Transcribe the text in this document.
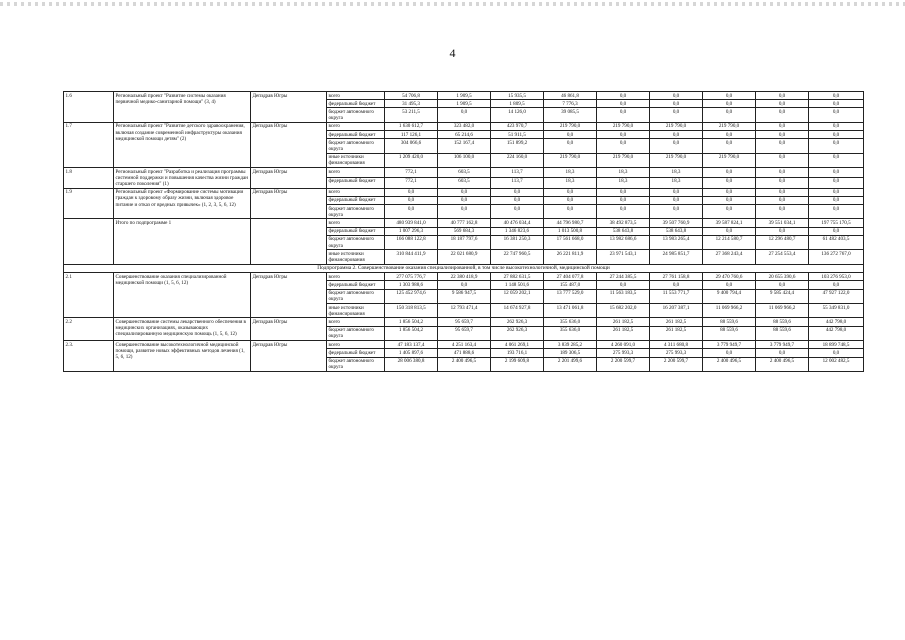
4
1.6	Региональный проект "Развитие системы оказания первичной медико-санитарной помощи" (3, 4)	Депздрав Югры	всего	54 706,8	1 909,5	15 935,5	46 861,8	0,0	0,0	0,0	0,0	0,0
			федеральный бюджет	31 495,3	1 909,5	1 809,5	7 776,3	0,0	0,0	0,0	0,0	0,0
			бюджет автономного округа	53 211,5	0,0	14 126,0	39 085,5	0,0	0,0	0,0	0,0	0,0
1.7	Региональный проект "Развитие детского здравоохранения, включая создание современной инфраструктуры оказания медицинской помощи детям" (2)	Депздрав Югры	всего	1 630 612,7	323 482,0	423 970,7	219 790,0	219 790,0	219 790,0	219 790,0	0,0	0,0
			федеральный бюджет	117 126,1	65 214,6	51 911,5	0,0	0,0	0,0	0,0	0,0	0,0
			бюджет автономного округа	304 066,6	152 167,4	151 899,2	0,0	0,0	0,0	0,0	0,0	0,0
			иные источники финансирования	1 209 420,0	106 100,0	224 160,0	219 790,0	219 790,0	219 790,0	219 790,0	0,0	0,0
1.8	Региональный проект "Разработка и реализация программы системной поддержки и повышения качества жизни граждан старшего поколения" (1)	Депздрав Югры	всего	772,1	603,5	113,7	18,3	18,3	18,3	0,0	0,0	0,0
			федеральный бюджет	772,1	603,5	113,7	18,3	18,3	18,3	0,0	0,0	0,0
1.9	Региональный проект «Формирование системы мотивации граждан к здоровому образу жизни, включая здоровое питание и отказ от вредных привычек» (1, 2, 3, 5, 6, 12)	Депздрав Югры	всего	0,0	0,0	0,0	0,0	0,0	0,0	0,0	0,0	0,0
			федеральный бюджет	0,0	0,0	0,0	0,0	0,0	0,0	0,0	0,0	0,0
			бюджет автономного округа	0,0	0,0	0,0	0,0	0,0	0,0	0,0	0,0	0,0
	Итого по подпрограмме 1		всего	480 939 841,0	40 777 162,8	40 476 034,4	44 796 980,7	38 492 873,5	39 507 760,9	39 587 824,1	39 551 034,1	197 755 170,5
			федеральный бюджет	1 007 296,3	569 684,3	1 346 823,6	1 013 500,8	538 643,8	538 643,8	0,0	0,0	0,0
			бюджет автономного округа	166 088 122,8	18 187 797,6	16 381 250,3	17 561 668,0	13 982 686,6	13 983 265,4	12 214 580,7	12 296 480,7	61 482 403,5
			иные источники финансирования	310 844 411,9	22 021 680,9	22 747 960,5	26 221 811,9	23 971 543,1	24 985 851,7	27 368 243,4	27 254 553,4	136 272 767,0
Подпрограмма 2. Совершенствование оказания специализированной, в том числе высокотехнологичной, медицинской помощи												
2.1	Совершенствование оказания специализированной медицинской помощи (1, 5, 6, 12)	Депздрав Югры	всего	277 075 776,7	22 380 418,9	27 882 631,5	27 404 077,8	27 244 385,5	27 761 158,8	29 470 760,6	20 655 390,6	103 276 953,0
			федеральный бюджет	1 303 988,6	0,0	1 148 501,6	155 487,0	0,0	0,0	0,0	0,0	0,0
			бюджет автономного округа	125 452 974,6	9 586 947,5	12 059 202,1	13 777 529,0	11 563 183,5	11 553 771,7	9 400 794,4	9 585 424,4	47 927 122,0
			иные источники финансирования	150 318 813,5	12 793 471,4	14 674 927,8	13 471 061,8	15 682 202,0	16 207 387,1	11 069 966,2	11 069 966,2	55 349 831,0
2.2	Совершенствование системы лекарственного обеспечения в медицинских организациях, оказывающих специализированную медицинскую помощь (1, 5, 6, 12)	Депздрав Югры	всего	1 856 504,2	95 659,7	262 926,3	355 636,0	261 182,5	261 182,5	88 559,6	88 559,6	442 798,0
			бюджет автономного округа	1 856 504,2	95 659,7	262 926,3	355 636,0	261 182,5	261 182,5	88 559,6	88 559,6	442 798,0
2.3.	Совершенствование высокотехнологичной медицинской помощи, развитие новых эффективных методов лечения (1, 5, 6, 12)	Депздрав Югры	всего	47 183 137,4	4 251 163,4	4 061 269,1	3 839 285,2	4 260 091,0	4 311 680,8	3 779 949,7	3 779 949,7	18 899 748,5
			федеральный бюджет	1 405 897,6	471 888,6	193 716,1	189 306,5	275 993,3	275 993,3	0,0	0,0	0,0
			бюджет автономного округа	28 006 380,8	2 400 496,5	2 199 609,8	2 201 499,6	2 200 599,7	2 200 599,7	2 400 496,5	2 400 496,5	12 002 482,5
